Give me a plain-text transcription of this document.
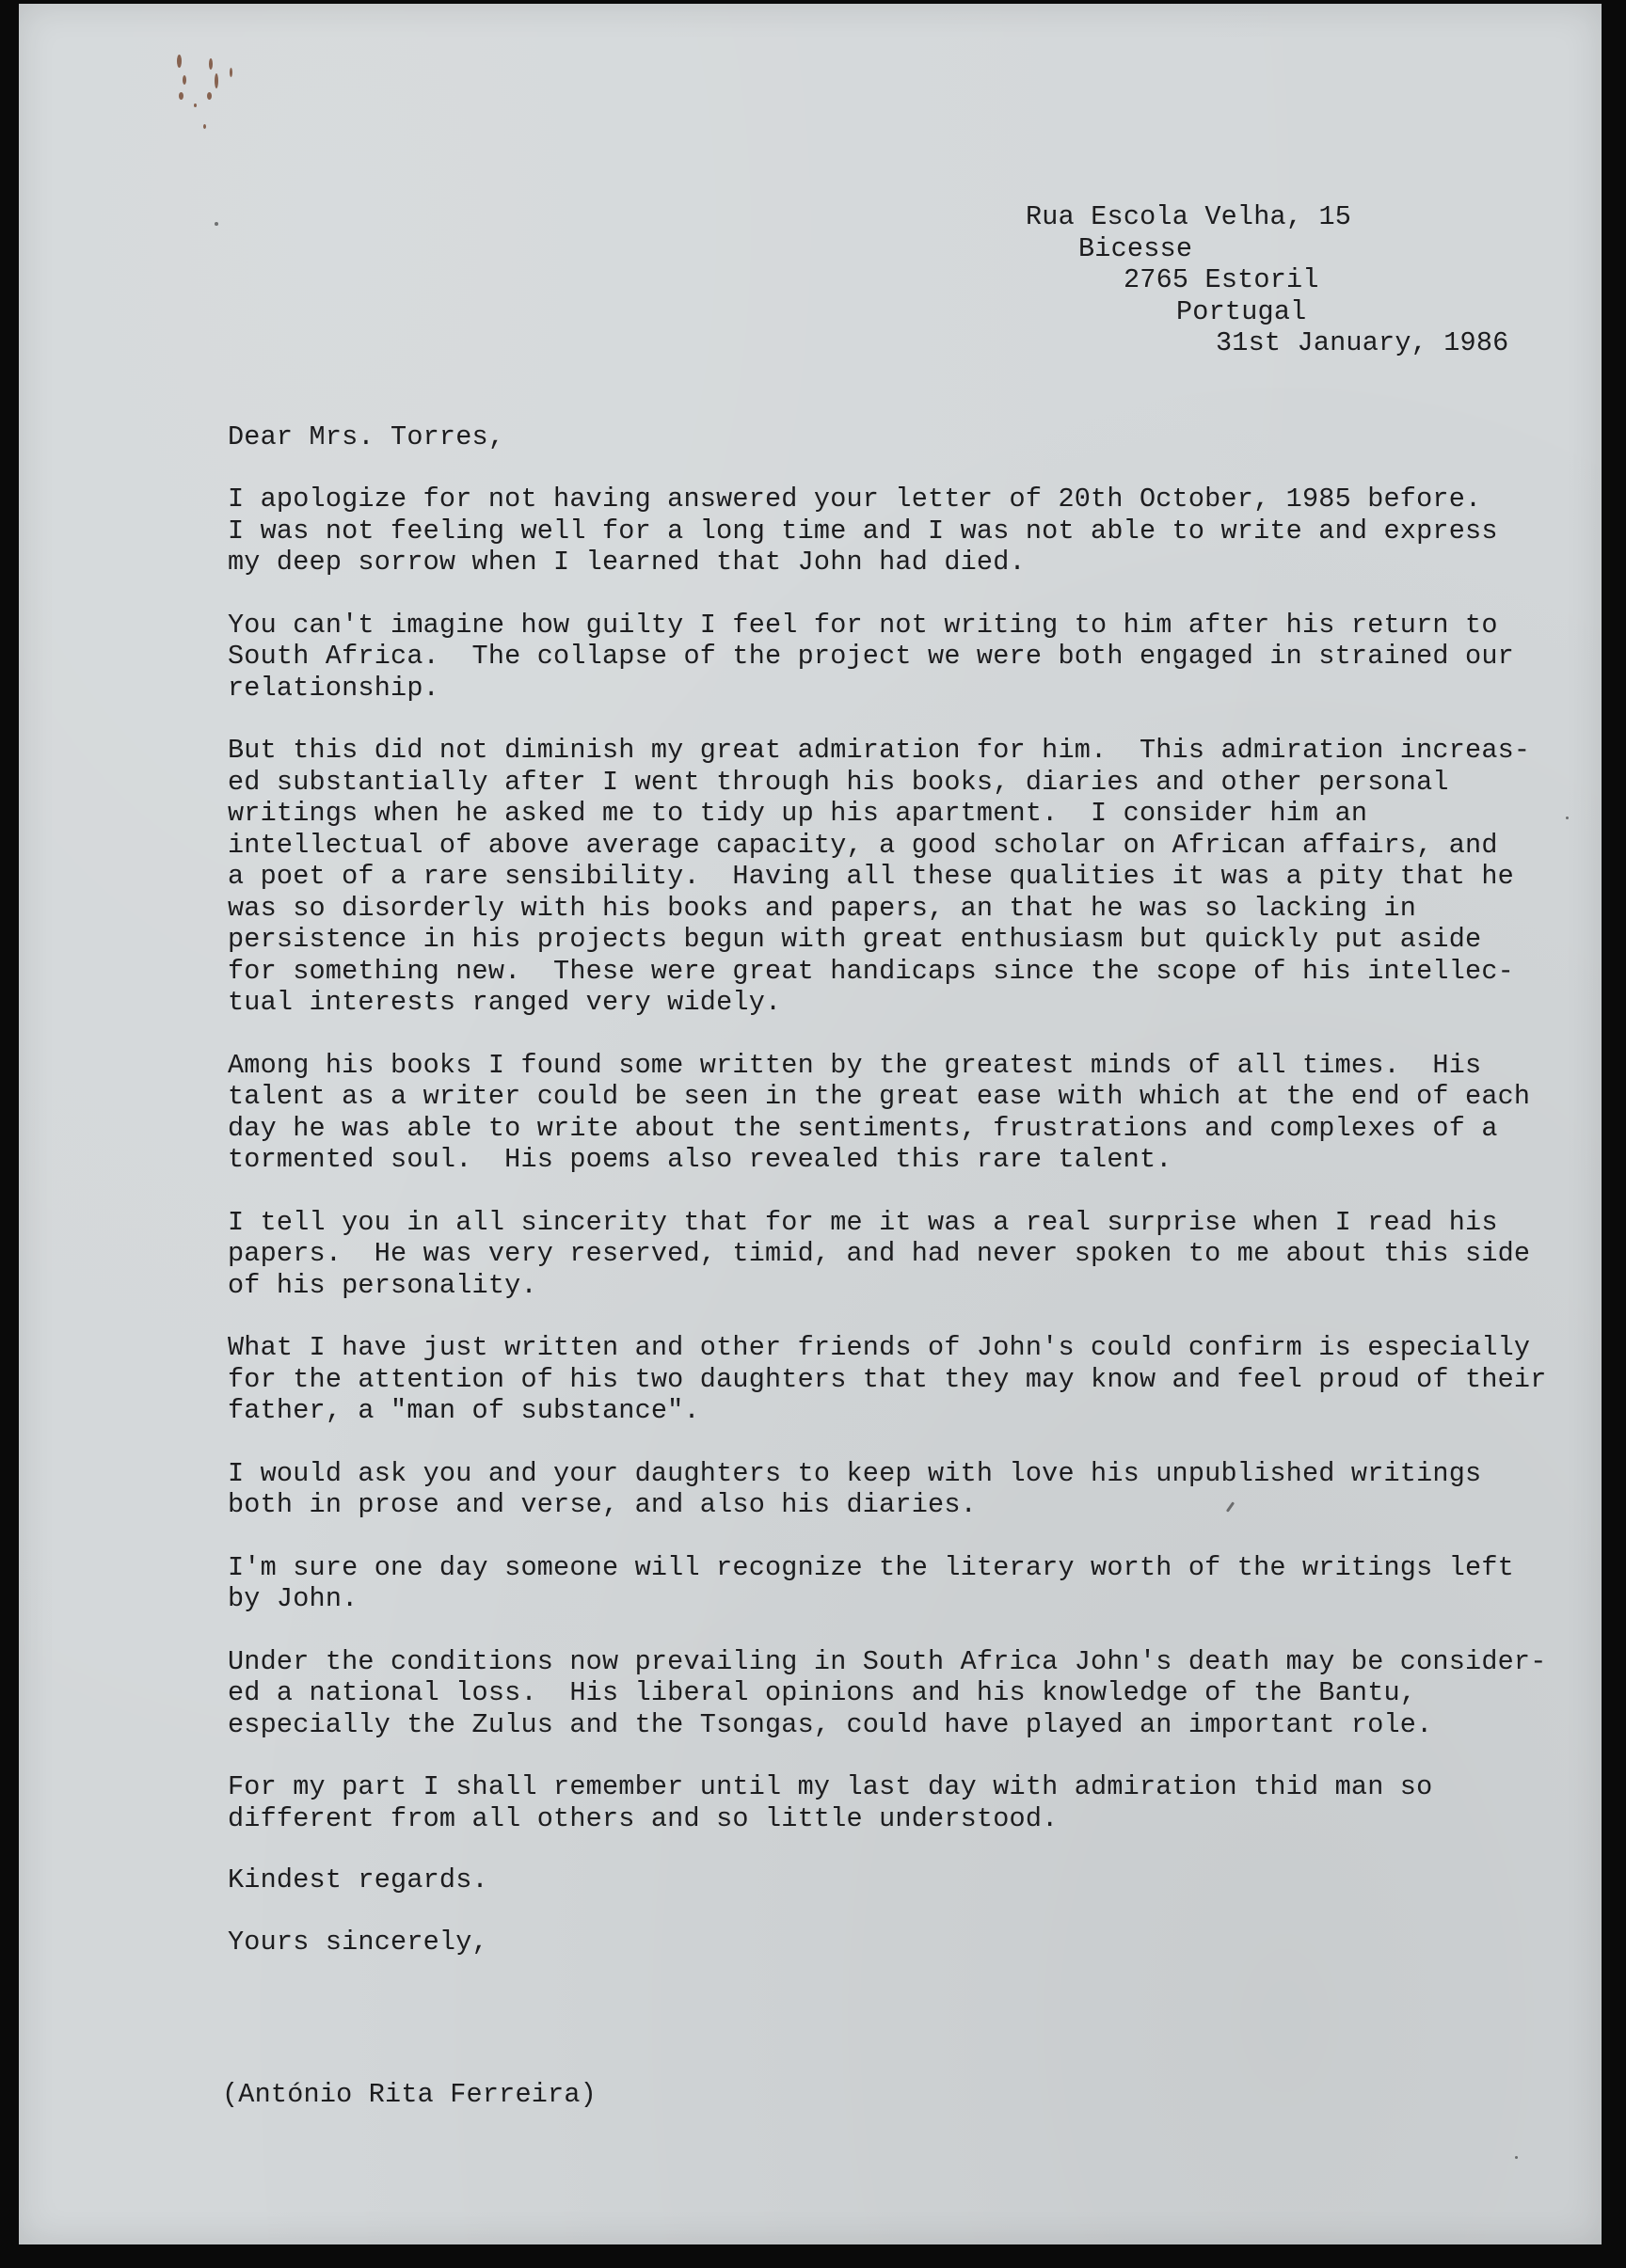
Rua Escola Velha, 15
Bicesse
2765 Estoril
Portugal
31st January, 1986
Dear Mrs. Torres,
I apologize for not having answered your letter of 20th October, 1985 before.
I was not feeling well for a long time and I was not able to write and express
my deep sorrow when I learned that John had died.
You can't imagine how guilty I feel for not writing to him after his return to
South Africa.  The collapse of the project we were both engaged in strained our
relationship.
But this did not diminish my great admiration for him.  This admiration increas-
ed substantially after I went through his books, diaries and other personal
writings when he asked me to tidy up his apartment.  I consider him an
intellectual of above average capacity, a good scholar on African affairs, and
a poet of a rare sensibility.  Having all these qualities it was a pity that he
was so disorderly with his books and papers, an that he was so lacking in
persistence in his projects begun with great enthusiasm but quickly put aside
for something new.  These were great handicaps since the scope of his intellec-
tual interests ranged very widely.
Among his books I found some written by the greatest minds of all times.  His
talent as a writer could be seen in the great ease with which at the end of each
day he was able to write about the sentiments, frustrations and complexes of a
tormented soul.  His poems also revealed this rare talent.
I tell you in all sincerity that for me it was a real surprise when I read his
papers.  He was very reserved, timid, and had never spoken to me about this side
of his personality.
What I have just written and other friends of John's could confirm is especially
for the attention of his two daughters that they may know and feel proud of their
father, a "man of substance".
I would ask you and your daughters to keep with love his unpublished writings
both in prose and verse, and also his diaries.
I'm sure one day someone will recognize the literary worth of the writings left
by John.
Under the conditions now prevailing in South Africa John's death may be consider-
ed a national loss.  His liberal opinions and his knowledge of the Bantu,
especially the Zulus and the Tsongas, could have played an important role.
For my part I shall remember until my last day with admiration thid man so
different from all others and so little understood.
Kindest regards.
Yours sincerely,
(António Rita Ferreira)
